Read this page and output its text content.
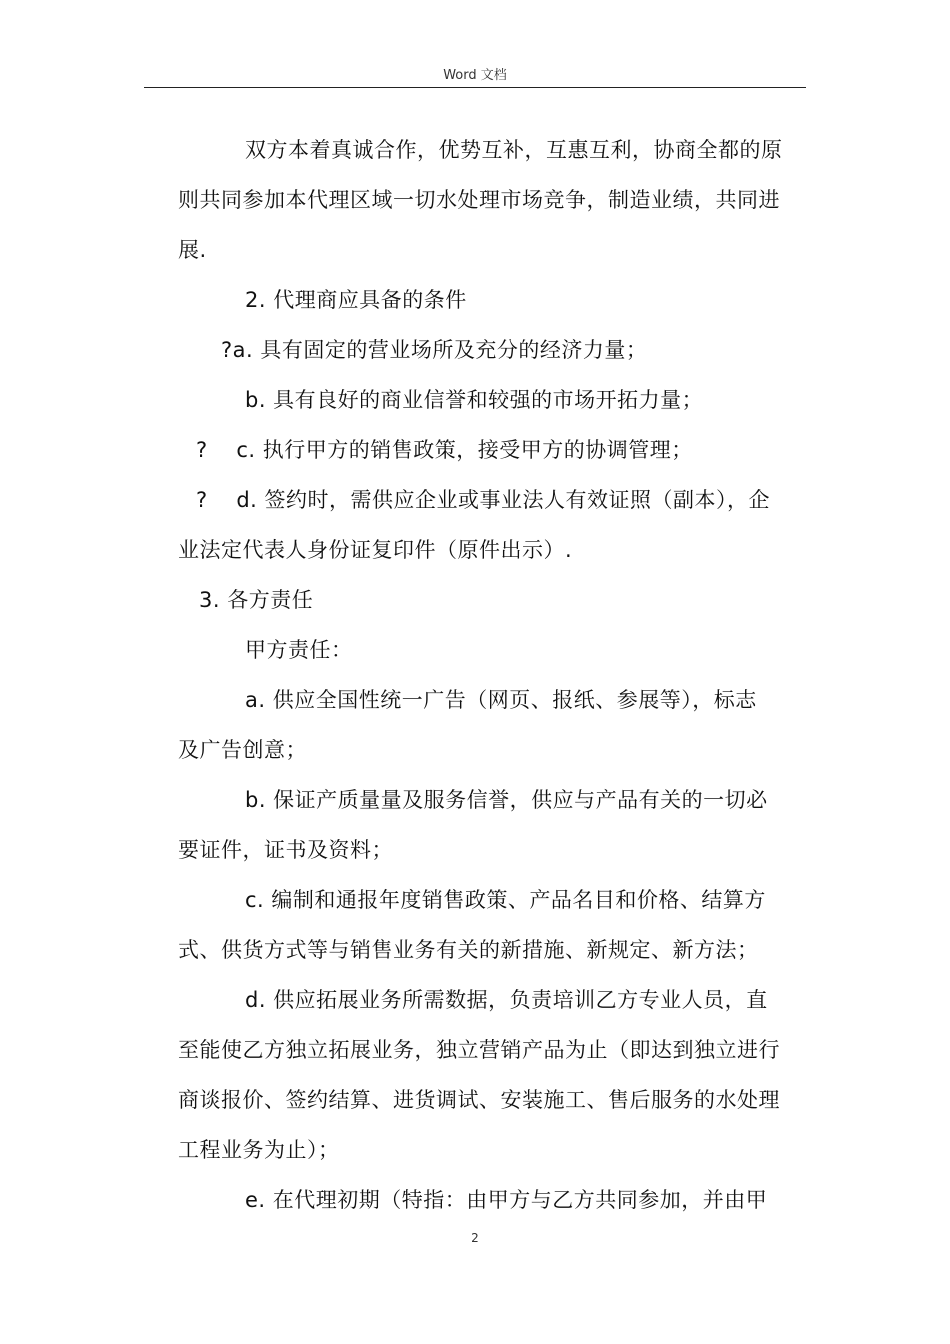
Word 文档
双方本着真诚合作，优势互补，互惠互利，协商全都的原
则共同参加本代理区域一切水处理市场竞争，制造业绩，共同进
展.
2. 代理商应具备的条件
?a. 具有固定的营业场所及充分的经济力量；
b. 具有良好的商业信誉和较强的市场开拓力量；
?    c. 执行甲方的销售政策，接受甲方的协调管理；
?    d. 签约时，需供应企业或事业法人有效证照（副本），企
业法定代表人身份证复印件（原件出示）.
3. 各方责任
甲方责任：
a. 供应全国性统一广告（网页、报纸、参展等），标志
及广告创意；
b. 保证产质量量及服务信誉，供应与产品有关的一切必
要证件，证书及资料；
c. 编制和通报年度销售政策、产品名目和价格、结算方
式、供货方式等与销售业务有关的新措施、新规定、新方法；
d. 供应拓展业务所需数据，负责培训乙方专业人员，直
至能使乙方独立拓展业务，独立营销产品为止（即达到独立进行
商谈报价、签约结算、进货调试、安装施工、售后服务的水处理
工程业务为止）；
e. 在代理初期（特指：由甲方与乙方共同参加，并由甲
2
